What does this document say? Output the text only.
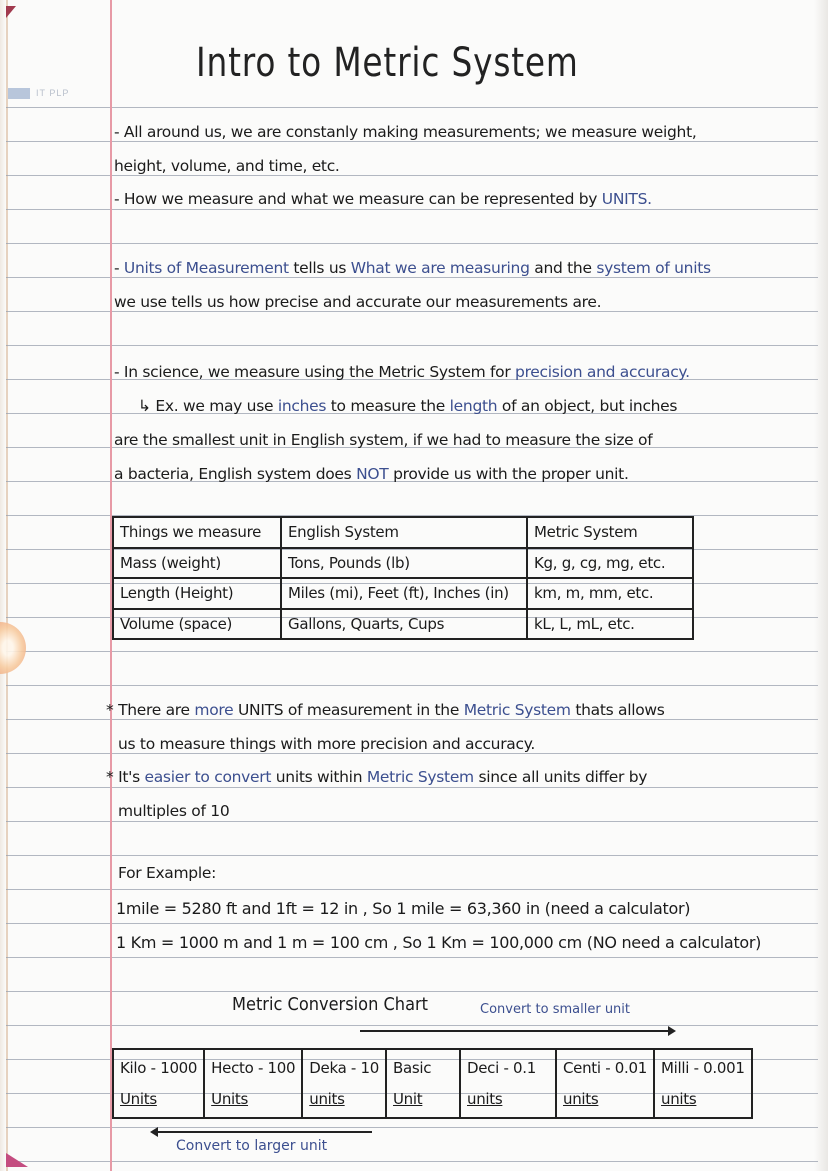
IT PLP
Intro to Metric System
- All around us, we are constanly making measurements; we measure weight,
height, volume, and time, etc.
- How we measure and what we measure can be represented by UNITS.
- Units of Measurement tells us What we are measuring and the system of units
we use tells us how precise and accurate our measurements are.
- In science, we measure using the Metric System for precision and accuracy.
↳ Ex. we may use inches to measure the length of an object, but inches
are the smallest unit in English system, if we had to measure the size of
a bacteria, English system does NOT provide us with the proper unit.
Things we measure	English System	Metric System
Mass (weight)	Tons, Pounds (lb)	Kg, g, cg, mg, etc.
Length (Height)	Miles (mi), Feet (ft), Inches (in)	km, m, mm, etc.
Volume (space)	Gallons, Quarts, Cups	kL, L, mL, etc.
* There are more UNITS of measurement in the Metric System thats allows
us to measure things with more precision and accuracy.
* It's easier to convert units within Metric System since all units differ by
multiples of 10
For Example:
1mile = 5280 ft and 1ft = 12 in , So 1 mile = 63,360 in (need a calculator)
1 Km = 1000 m and 1 m = 100 cm , So 1 Km = 100,000 cm (NO need a calculator)
Metric Conversion Chart	Convert to smaller unit
Kilo - 1000
Units
	Hecto - 100
Units
	Deka - 10
units
	Basic
Unit
	Deci - 0.1
units
	Centi - 0.01
units
	Milli - 0.001
units
Convert to larger unit
